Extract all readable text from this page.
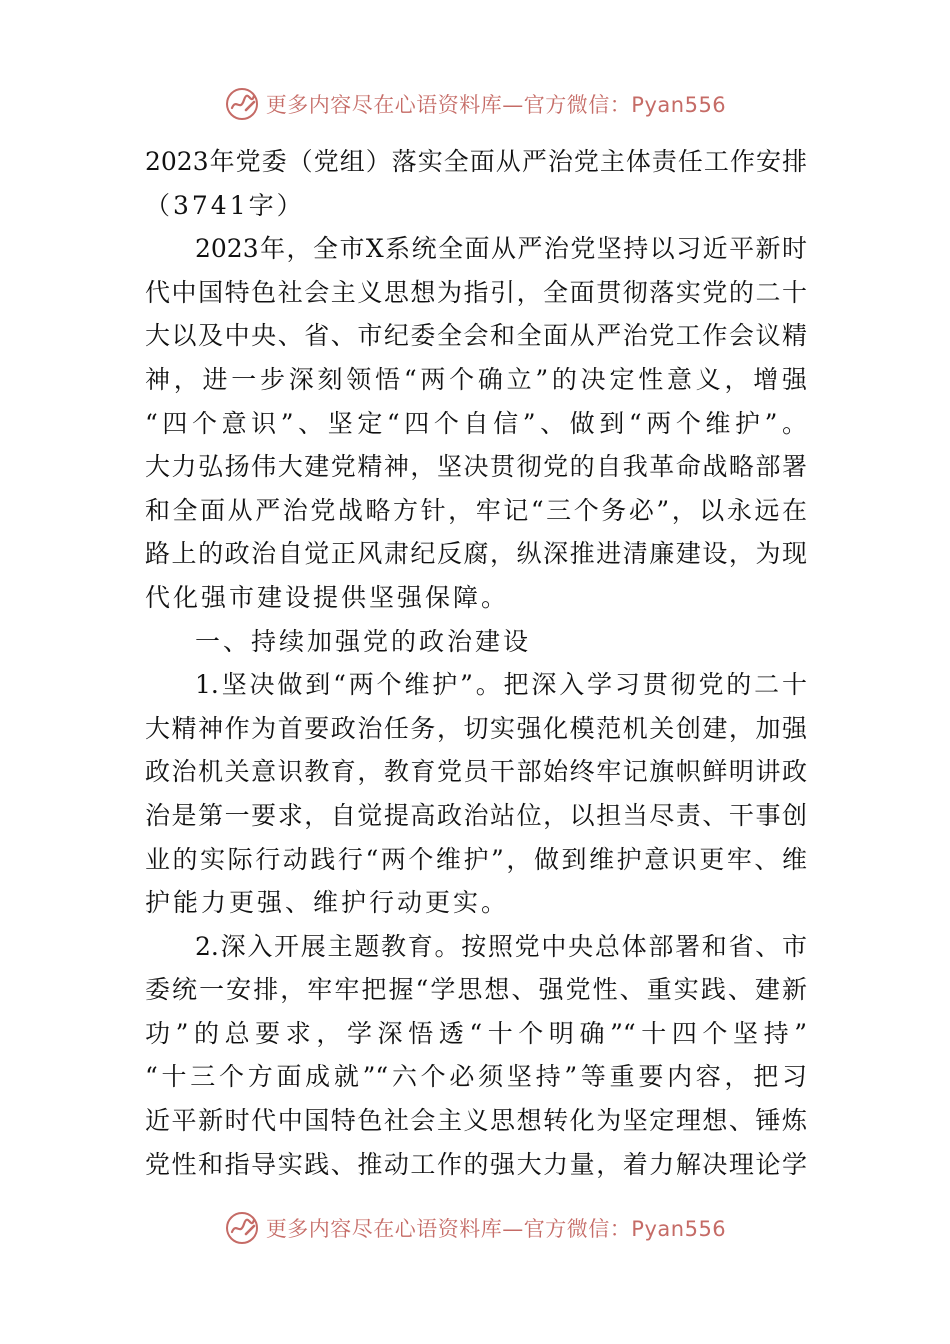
更多内容尽在心语资料库—官方微信：Pyan556
2023年党委（党组）落实全面从严治党主体责任工作安排
（3741字）
2023年，全市X系统全面从严治党坚持以习近平新时
代中国特色社会主义思想为指引，全面贯彻落实党的二十
大以及中央、省、市纪委全会和全面从严治党工作会议精
神，进一步深刻领悟“两个确立”的决定性意义，增强
“四个意识”、坚定“四个自信”、做到“两个维护”。
大力弘扬伟大建党精神，坚决贯彻党的自我革命战略部署
和全面从严治党战略方针，牢记“三个务必”，以永远在
路上的政治自觉正风肃纪反腐，纵深推进清廉建设，为现
代化强市建设提供坚强保障。
一、持续加强党的政治建设
1.坚决做到“两个维护”。把深入学习贯彻党的二十
大精神作为首要政治任务，切实强化模范机关创建，加强
政治机关意识教育，教育党员干部始终牢记旗帜鲜明讲政
治是第一要求，自觉提高政治站位，以担当尽责、干事创
业的实际行动践行“两个维护”，做到维护意识更牢、维
护能力更强、维护行动更实。
2.深入开展主题教育。按照党中央总体部署和省、市
委统一安排，牢牢把握“学思想、强党性、重实践、建新
功”的总要求，学深悟透“十个明确”“十四个坚持”
“十三个方面成就”“六个必须坚持”等重要内容，把习
近平新时代中国特色社会主义思想转化为坚定理想、锤炼
党性和指导实践、推动工作的强大力量，着力解决理论学
更多内容尽在心语资料库—官方微信：Pyan556
